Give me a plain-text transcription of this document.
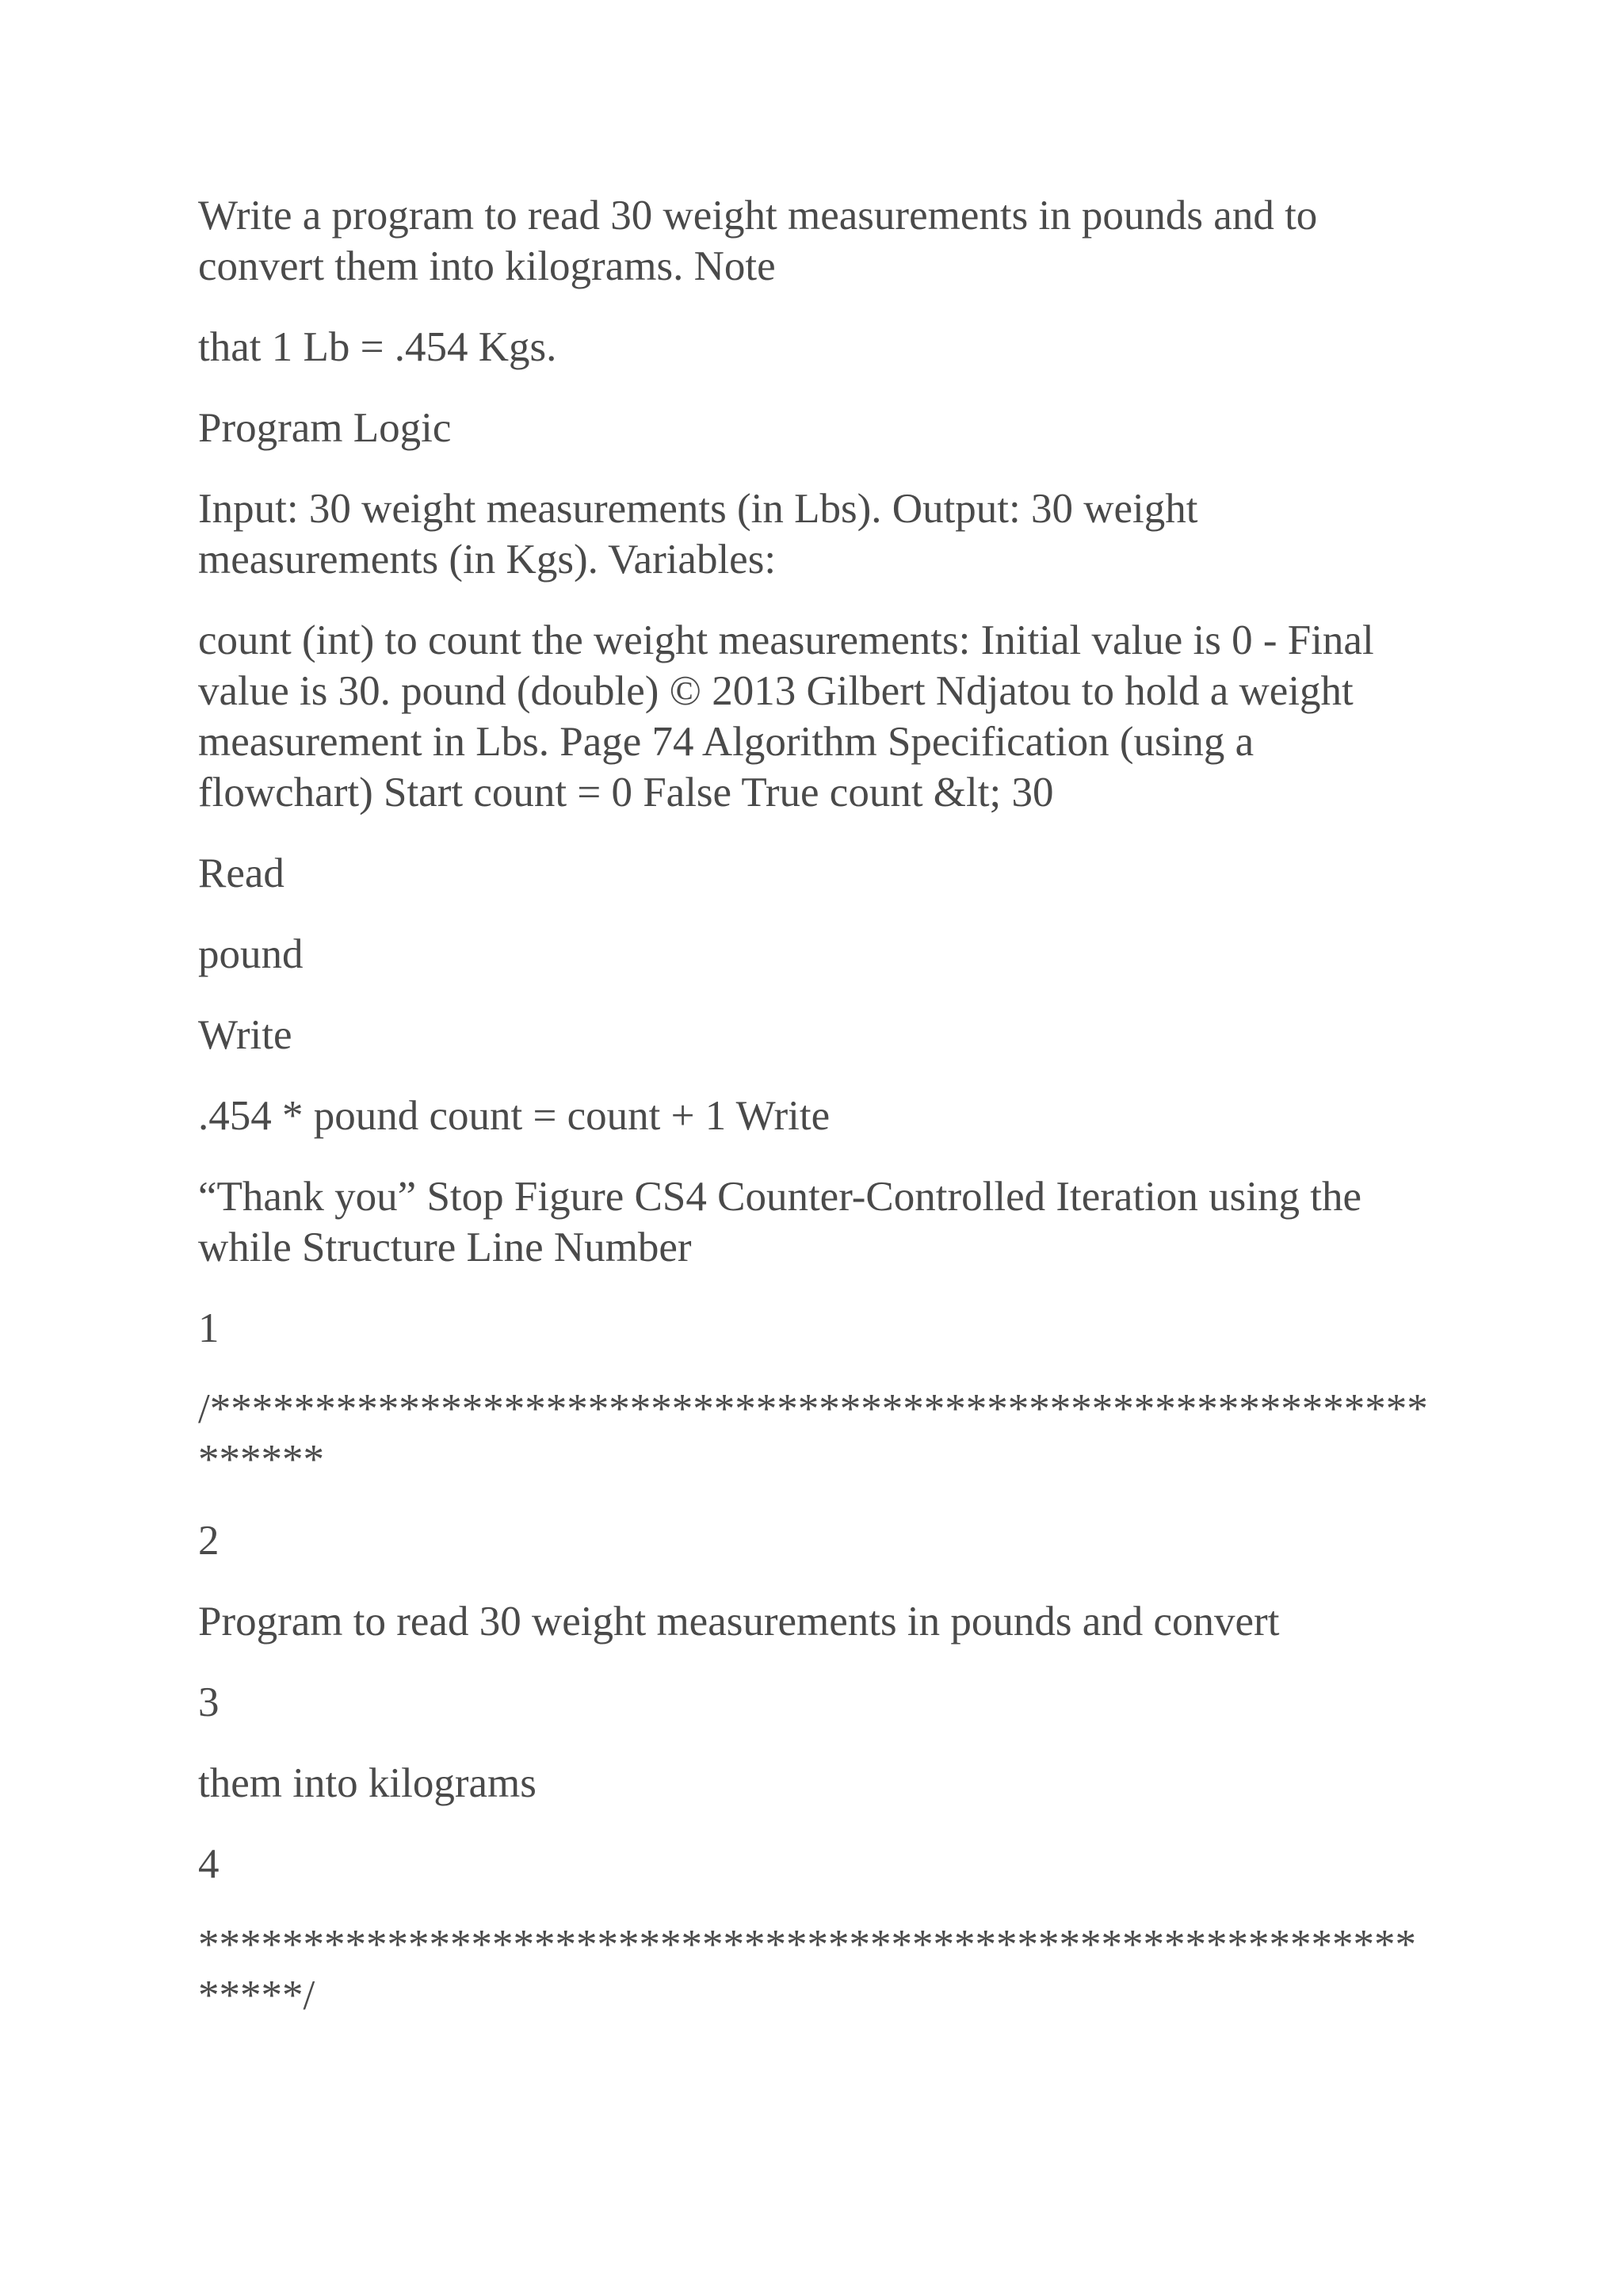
Write a program to read 30 weight measurements in pounds and to convert them into kilograms. Note

that 1 Lb = .454 Kgs.

Program Logic

Input: 30 weight measurements (in Lbs). Output: 30 weight measurements (in Kgs). Variables:

count (int) to count the weight measurements: Initial value is 0 - Final value is 30. pound (double) © 2013 Gilbert Ndjatou to hold a weight measurement in Lbs. Page 74 Algorithm Specification (using a flowchart) Start count = 0 False True count &lt; 30

Read

pound

Write

.454 * pound count = count + 1 Write

“Thank you” Stop Figure CS4 Counter-Controlled Iteration using the while Structure Line Number

1

/****************************************************************

2

Program to read 30 weight measurements in pounds and convert

3

them into kilograms

4

***************************************************************/
